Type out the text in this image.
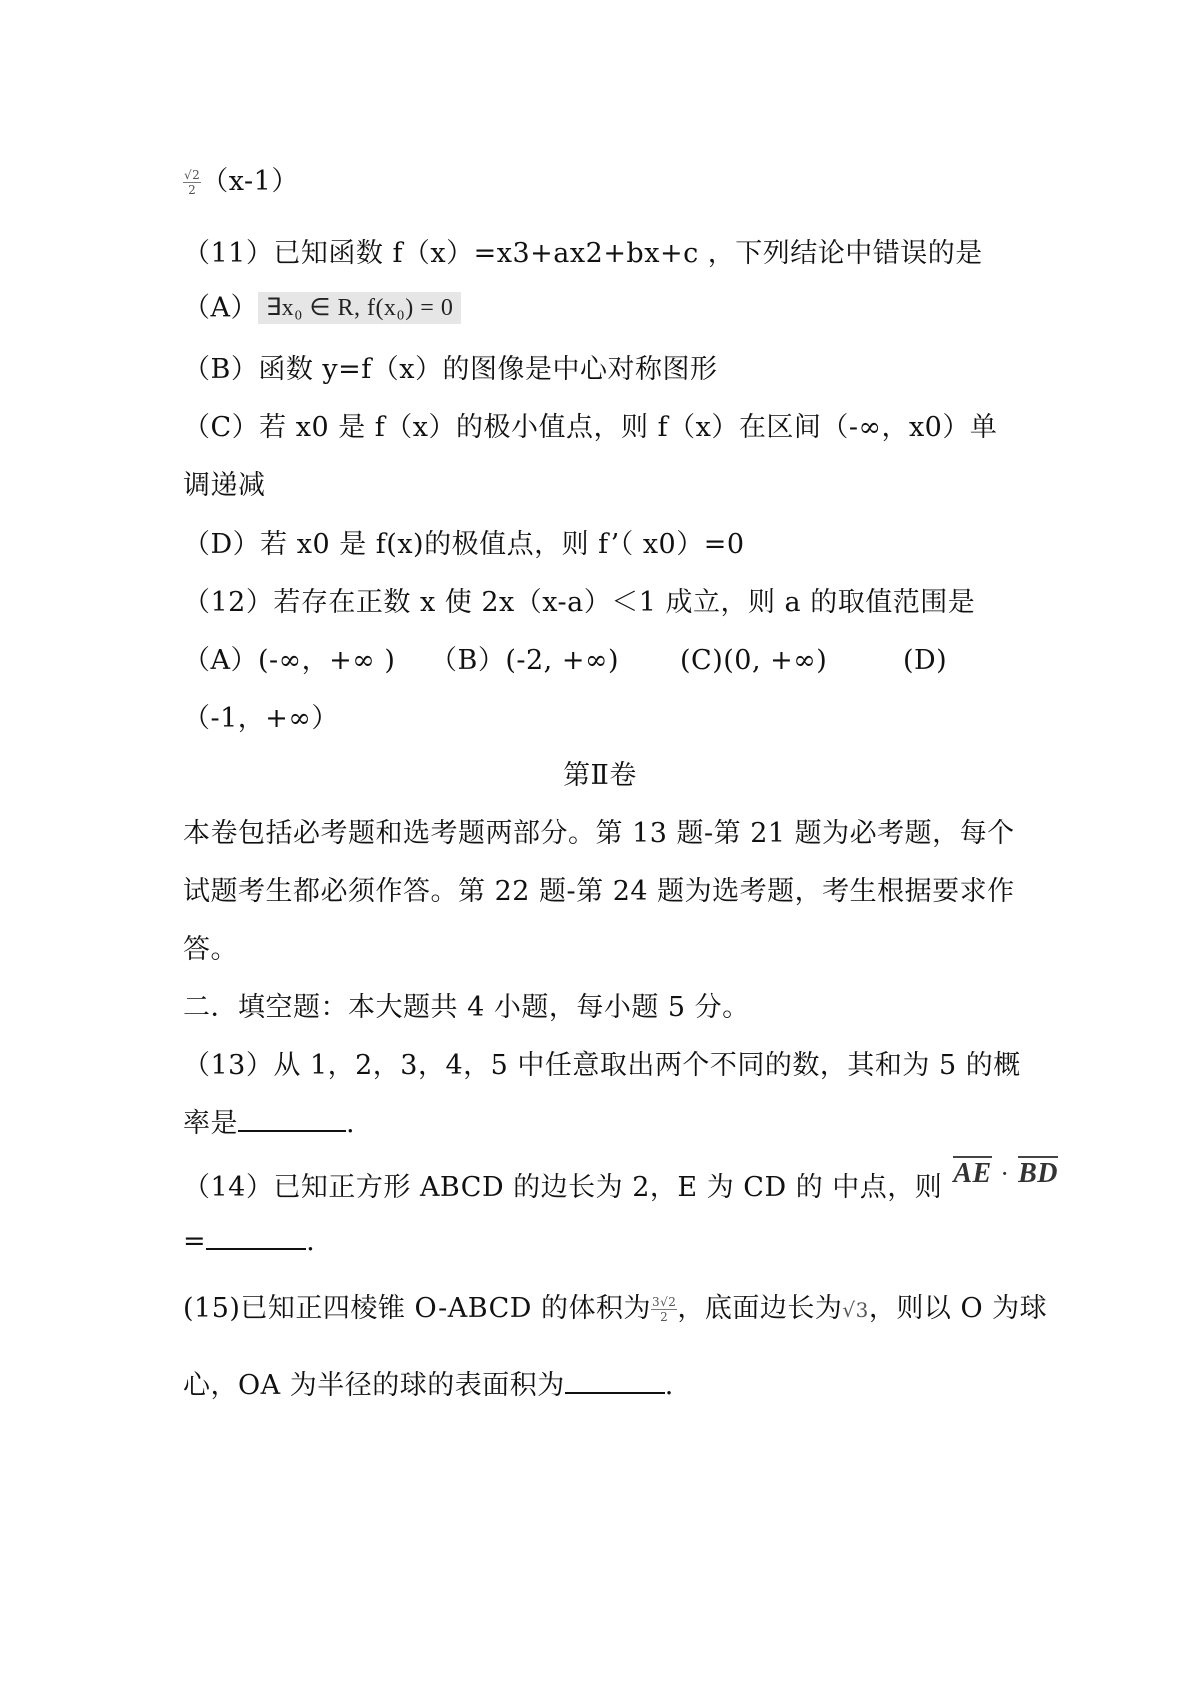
$\frac{√2}{2} (x-1)$
（11）已知函数 f（x）=x3+ax2+bx+c ，下列结论中错误的是
（A） ∃x₀ ∈ R, f(x₀) = 0
（B）函数 y=f（x）的图像是中心对称图形
（C）若 x0 是 f（x）的极小值点，则 f（x）在区间（-∞，x0）单
调递减
（D）若 x0 是 f(x)的极值点，则 f’（ x0）=0
（12）若存在正数 x 使 2x（x-a）＜1 成立，则 a 的取值范围是
（A）(-∞，+∞ ) （B）(-2, +∞) (C)(0, +∞)	(D)
（-1，+∞）
第Ⅱ卷
本卷包括必考题和选考题两部分。第 13 题-第 21 题为必考题，每个
试题考生都必须作答。第 22 题-第 24 题为选考题，考生根据要求作
答。
二．填空题：本大题共 4 小题，每小题 5 分。
（13）从 1，2，3，4，5 中任意取出两个不同的数，其和为 5 的概
率是	.
（14）已知正方形 ABCD 的边长为 2，E 为 CD 的 中点，则 AE · BD
=	.
(15)已知正四棱锥 O-ABCD 的体积为 $\frac{3√2}{2}$ ，底面边长为√3，则以 O 为球
心，OA 为半径的球的表面积为	.
